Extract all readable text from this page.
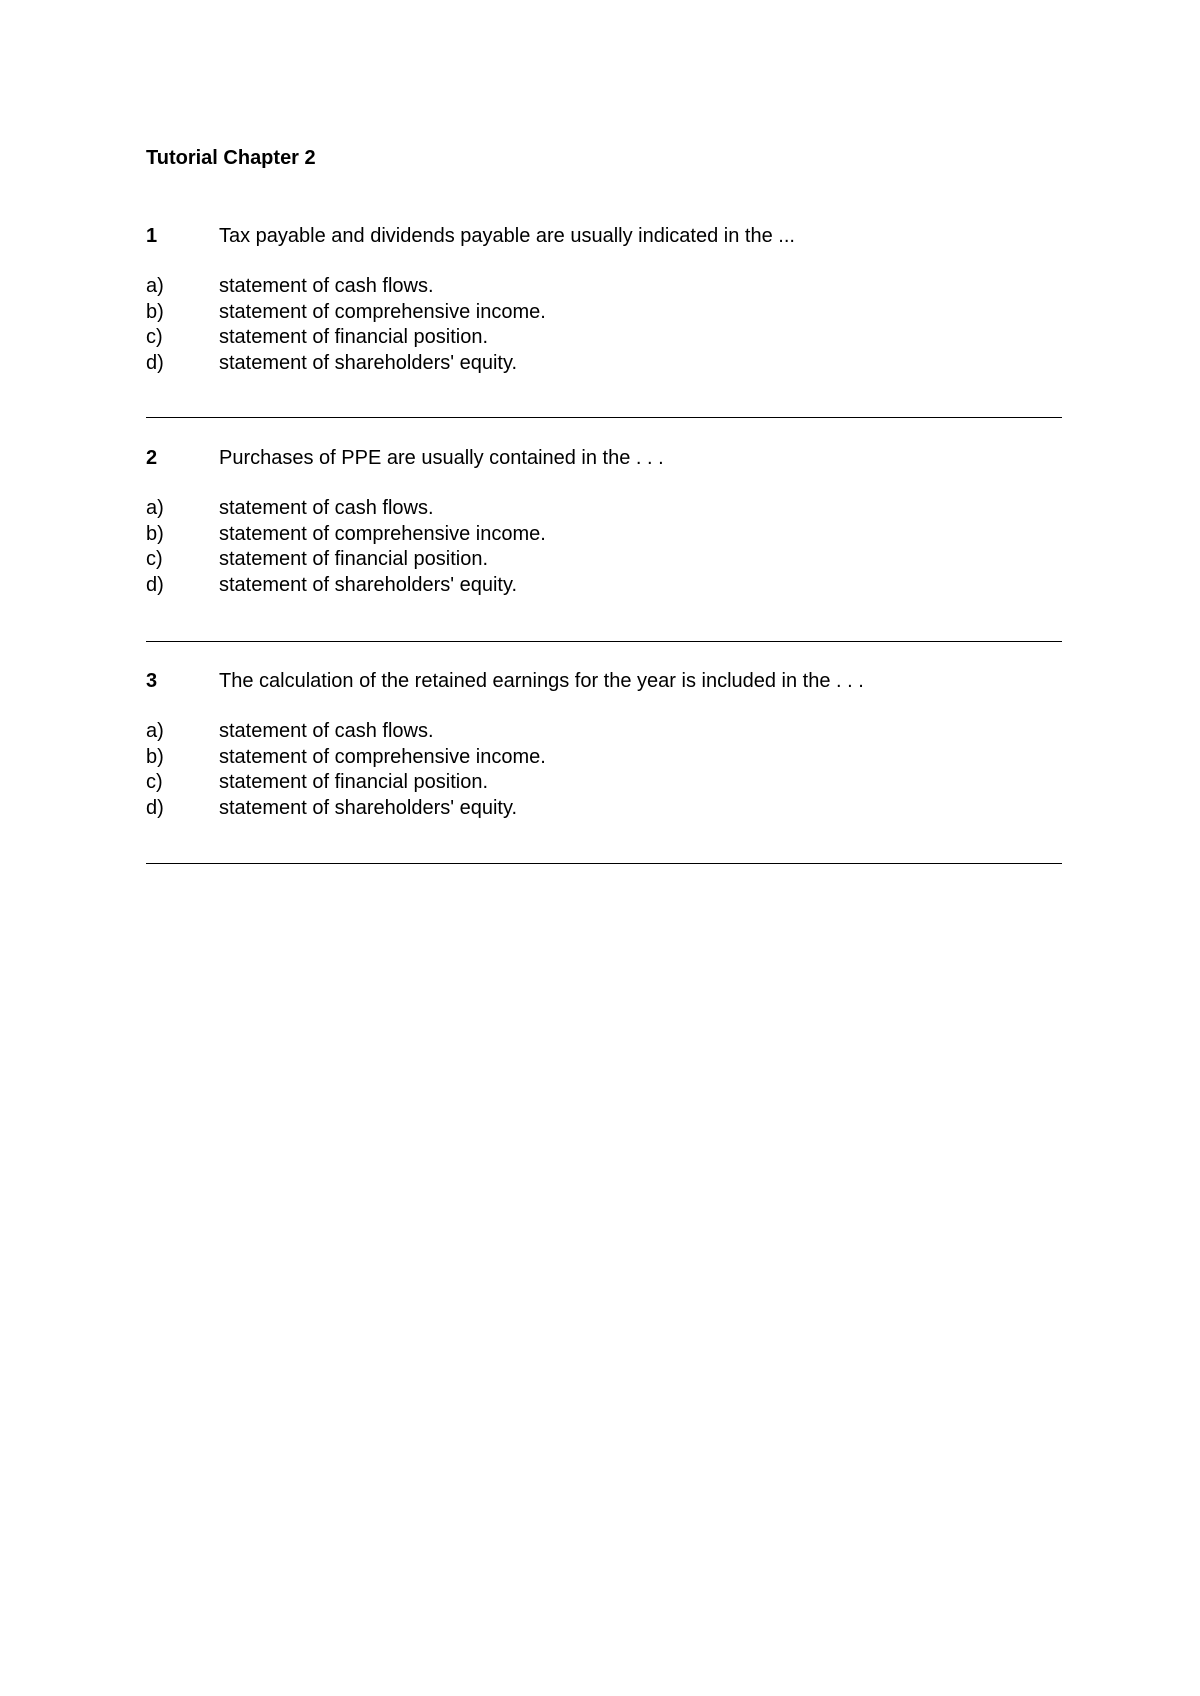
Tutorial Chapter 2
1	Tax payable and dividends payable are usually indicated in the ...
a)	statement of cash flows.
b)	statement of comprehensive income.
c)	statement of financial position.
d)	statement of shareholders' equity.
2	Purchases of PPE are usually contained in the . . .
a)	statement of cash flows.
b)	statement of comprehensive income.
c)	statement of financial position.
d)	statement of shareholders' equity.
3	The calculation of the retained earnings for the year is included in the . . .
a)	statement of cash flows.
b)	statement of comprehensive income.
c)	statement of financial position.
d)	statement of shareholders' equity.
